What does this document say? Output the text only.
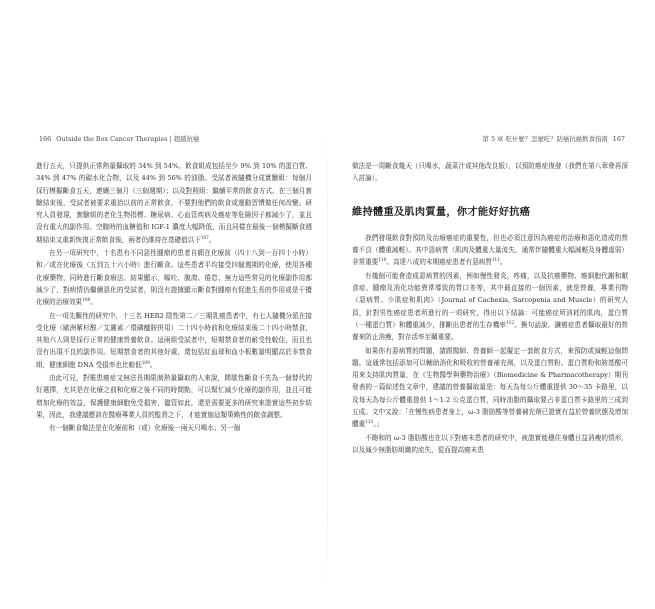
166 Outside the Box Cancer Therapies | 超越抗癌

進行五天，只提供正常熱量攝取的 34% 到 54%。飲食組成包括至少 9% 到 10% 的蛋白質、34% 到 47% 的碳水化合物，以及 44% 到 56% 的油脂。受試者被隨機分成實驗組：每個月採行模擬斷食五天，連續三個月（三個週期）；以及對照組：繼續平常的飲食方式。在三個月實驗結束後，受試者被要求重拾以前的正常飲食，不要對他們的飲食或運動習慣做任何改變。研究人員發現，實驗組的老化生物指標、糖尿病、心血管疾病及癌症等危險因子都減少了，並且沒有重大的副作用。空腹時的血糖值和 IGF-1 濃度大幅降低，而且同樣在最後一個模擬斷食週期結束又重新恢復正常飲食後，兩者仍維持在基礎值以下$^{107}$。

在另一項研究中，十名患有不同惡性腫瘤的患者自願在化療前（四十八到一百四十小時）和／或在化療後（五到五十六小時）進行斷食。這些患者平均接受四個週期的化療，使用各種化療藥物，同時進行斷食療法。結果顯示，嘔吐、腹瀉、倦怠、無力這些常見的化療副作用都減少了，對病情仍繼續惡化的受試者，則沒有證據顯示斷食對腫瘤有促進生長的作用或是干擾化療的治療效果$^{108}$。

在一項先驅性的研究中，十三名 HER2 陰性第二／三期乳癌患者中，有七人隨機分派在接受化療（歐洲紫杉醇／艾黴素／環磷醯胺併用）二十四小時前和化療結束後二十四小時禁食，其他六人則是採行正常的健康營養飲食。這兩組受試者中，短期禁食者的耐受性較佳，而且也沒有出現不良的副作用。短期禁食者的其他好處，還包括紅血球和血小板數量明顯高於非禁食組，健康細胞 DNA 受損率也比較低$^{109}$。

由此可見，對罹患癌症又無法長期限制熱量攝取的人來說，間歇性斷食不失為一個替代的好選擇，尤其是在化療之前和化療之後不同的時間點，可以幫忙減少化療的副作用，並且可能增加化療的效益，保護健康細胞免受損害，儘管如此，還是需要更多的研究來證實這些初步結果，因此，我建議應該在醫療專業人員的監督之下，才能實施這類策略性的飲食調整。

有一個斷食做法是在化療前和（或）化療後一兩天只喝水；另一個

第 5 章 吃什麼？怎麼吃？防癌抗癌飲食指南 167

做法是一周斷食幾天（只喝水，蔬菜汁或其他改良版），以預防癌症復發（我們在第八章會再深入討論）。

維持體重及肌肉質量，你才能好好抗癌

我們發現飲食對預防及治療癌症的重要性，但也必須注意因為癌症的治療和惡化造成的營養不良（體重減輕）。其中惡病質（肌肉及體重大量流失，通常伴隨體重大幅減輕及身體虛弱）非常重要$^{110}$。高達八成的末期癌症患者有惡病質$^{111}$。

有幾個可能會造成惡病質的因素，例如慢性發炎，疼痛，以及抗癌藥物、癌細胞代謝和厭食症、腫瘤及消化功能異常導致的胃口差等，其中最直接的一個因素，就是營養，專業刊物《惡病質、少肌症和肌肉》（Journal of Cachexia, Sarcopenia and Muscle）的研究人員，針對男性癌症患者所進行的一項研究，得出以下結論：可能癌症所消耗的肌肉，蛋白質（一種蛋白質）和體重減少，推斷出患者的生存機率$^{112}$。換句話說，讓癌症患者攝取最好的營養來防止消瘦，對存活率至關重要。

如果你有惡病質的問題，請跟醫師、營養師一起擬定一套飲食方式，來預防或減輕這個問題。這通常包括添加可以輔助消化和吸收的營養補充劑，以及蛋白質粉。蛋白質粉和胺基酸可用來支持肌肉質量，在《生物醫學與藥物治療》（Biomedicine & Pharmacotherapy）期刊發表的一篇綜述性文章中，建議的營養攝取量是：每天為每公斤體重提供 30～35 卡路里，以及每天為每公斤體重提供 1～1.2 公克蛋白質，同時油脂的攝取要占非蛋白質卡路里的三成到五成。文中又說：「在慢性病患者身上，ω-3 脂肪酸等營養補充劑已證實有益於營養狀態及增加體重$^{113}$。」

不飽和的 ω-3 脂肪酸也在以下對癌末患者的研究中，被證實能穩住身體日益消瘦的情形，以及減少無脂肪組織的流失，從而提高癌末患
